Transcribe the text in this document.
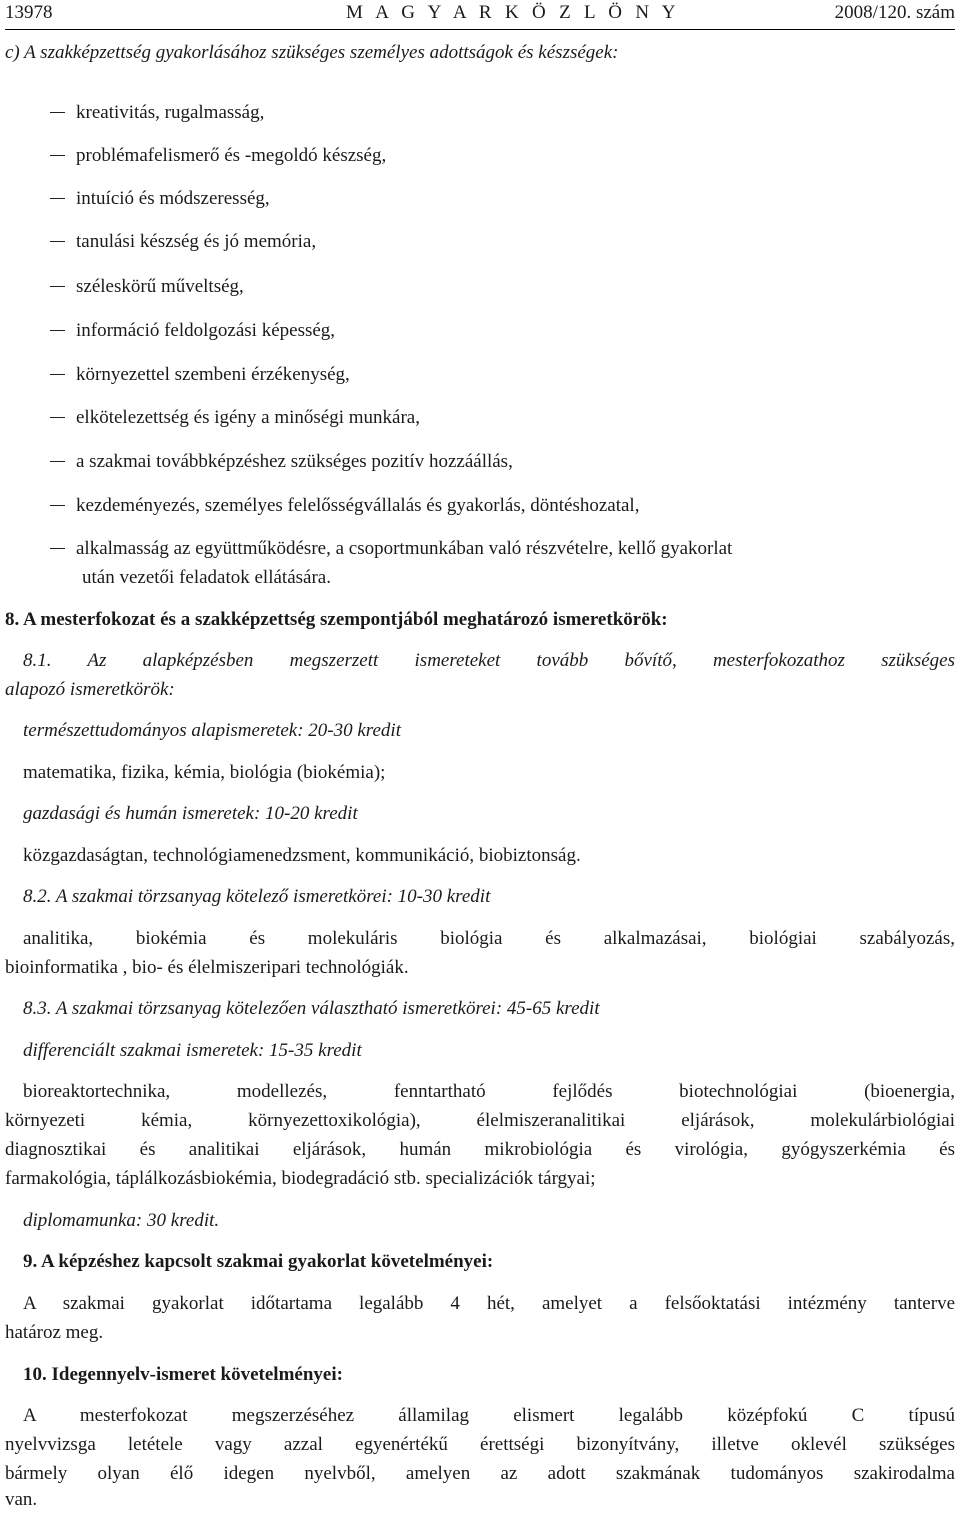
13978	M A G Y A R K Ö Z L Ö N Y	2008/120. szám
c) A szakképzettség gyakorlásához szükséges személyes adottságok és készségek:
kreativitás, rugalmasság,
problémafelismerő és -megoldó készség,
intuíció és módszeresség,
tanulási készség és jó memória,
széleskörű műveltség,
információ feldolgozási képesség,
környezettel szembeni érzékenység,
elkötelezettség és igény a minőségi munkára,
a szakmai továbbképzéshez szükséges pozitív hozzáállás,
kezdeményezés, személyes felelősségvállalás és gyakorlás, döntéshozatal,
alkalmasság az együttműködésre, a csoportmunkában való részvételre, kellő gyakorlat
után vezetői feladatok ellátására.
8. A mesterfokozat és a szakképzettség szempontjából meghatározó ismeretkörök:
8.1. Az alapképzésben megszerzett ismereteket tovább bővítő, mesterfokozathoz szükséges
alapozó ismeretkörök:
természettudományos alapismeretek: 20-30 kredit
matematika, fizika, kémia, biológia (biokémia);
gazdasági és humán ismeretek: 10-20 kredit
közgazdaságtan, technológiamenedzsment, kommunikáció, biobiztonság.
8.2. A szakmai törzsanyag kötelező ismeretkörei: 10-30 kredit
analitika, biokémia és molekuláris biológia és alkalmazásai, biológiai szabályozás,
bioinformatika , bio- és élelmiszeripari technológiák.
8.3. A szakmai törzsanyag kötelezően választható ismeretkörei: 45-65 kredit
differenciált szakmai ismeretek: 15-35 kredit
bioreaktortechnika, modellezés, fenntartható fejlődés biotechnológiai (bioenergia,
környezeti kémia, környezettoxikológia), élelmiszeranalitikai eljárások, molekulárbiológiai
diagnosztikai és analitikai eljárások, humán mikrobiológia és virológia, gyógyszerkémia és
farmakológia, táplálkozásbiokémia, biodegradáció stb. specializációk tárgyai;
diplomamunka: 30 kredit.
9. A képzéshez kapcsolt szakmai gyakorlat követelményei:
A szakmai gyakorlat időtartama legalább 4 hét, amelyet a felsőoktatási intézmény tanterve
határoz meg.
10. Idegennyelv-ismeret követelményei:
A mesterfokozat megszerzéséhez államilag elismert legalább középfokú C típusú
nyelvvizsga letétele vagy azzal egyenértékű érettségi bizonyítvány, illetve oklevél szükséges
bármely olyan élő idegen nyelvből, amelyen az adott szakmának tudományos szakirodalma
van.
